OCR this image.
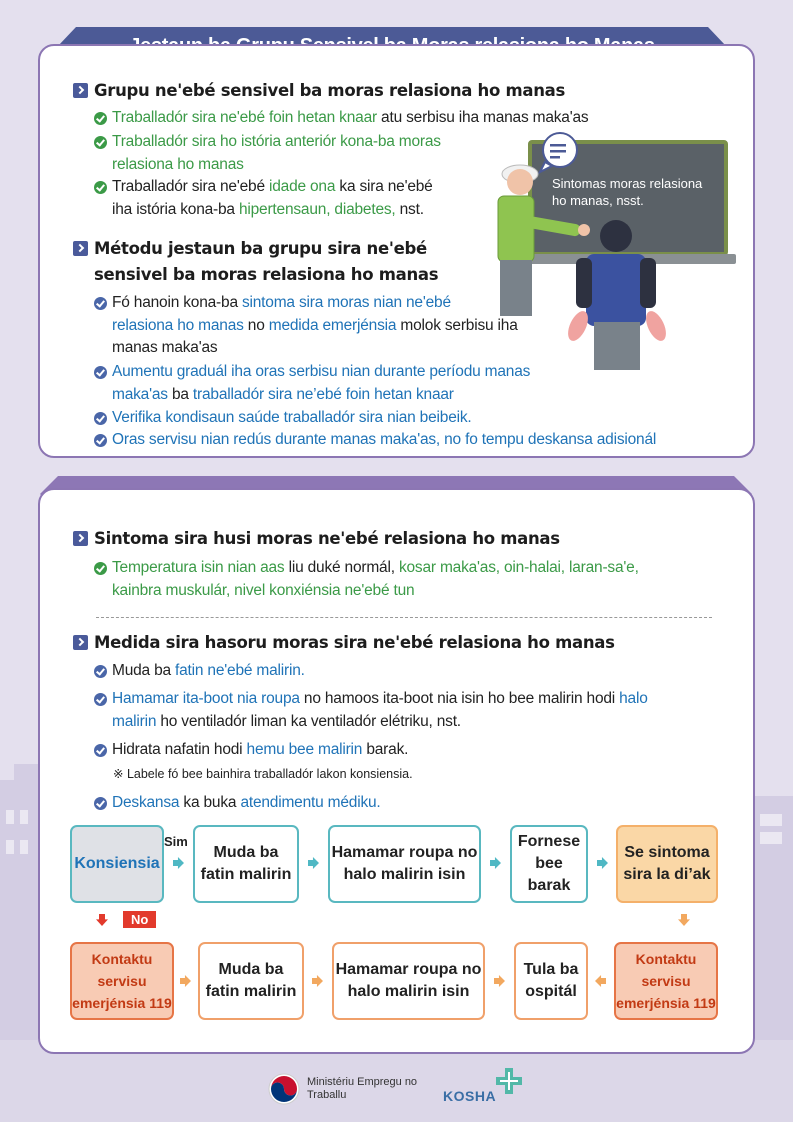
Grupu ne'ebé sensivel ba moras relasiona ho manas
Traballadór sira ne'ebé foin hetan knaar atu serbisu iha manas maka'as
Traballadór sira ho istória anteriór kona-ba moras
relasiona ho manas
Traballadór sira ne'ebé idade ona ka sira ne'ebé
iha istória kona-ba hipertensaun, diabetes, nst.
Métodu jestaun ba grupu sira ne'ebé
sensivel ba moras relasiona ho manas
Fó hanoin kona-ba sintoma sira moras nian ne'ebé
relasiona ho manas no medida emerjénsia molok serbisu iha
manas maka'as
Aumentu graduál iha oras serbisu nian durante períodu manas
maka'as ba traballadór sira ne’ebé foin hetan knaar
Verifika kondisaun saúde traballadór sira nian beibeik.
Oras servisu nian redús durante manas maka'as, no fo tempu deskansa adisionál
Sintomas moras relasiona ho manas, nsst.
Sintoma sira husi moras ne'ebé relasiona ho manas
Temperatura isin nian aas liu duké normál, kosar maka'as, oin-halai, laran-sa'e,
kainbra muskulár, nivel konxiénsia ne'ebé tun
Medida sira hasoru moras sira ne'ebé relasiona ho manas
Muda ba fatin ne'ebé malirin.
Hamamar ita-boot nia roupa no hamoos ita-boot nia isin ho bee malirin hodi halo
malirin ho ventiladór liman ka ventiladór elétriku, nst.
Hidrata nafatin hodi hemu bee malirin barak.
※ Labele fó bee bainhira traballadór lakon konsiensia.
Deskansa ka buka atendimentu médiku.
Konsiensia
Sim
Muda ba fatin malirin
Hamamar roupa no halo malirin isin
Fornese bee barak
Se sintoma sira la di’ak
No
Kontaktu servisu emerjénsia 119
Muda ba fatin malirin
Hamamar roupa no halo malirin isin
Tula ba ospitál
Kontaktu servisu emerjénsia 119
Ministériu Empregu no
Traballu	KOSHA
